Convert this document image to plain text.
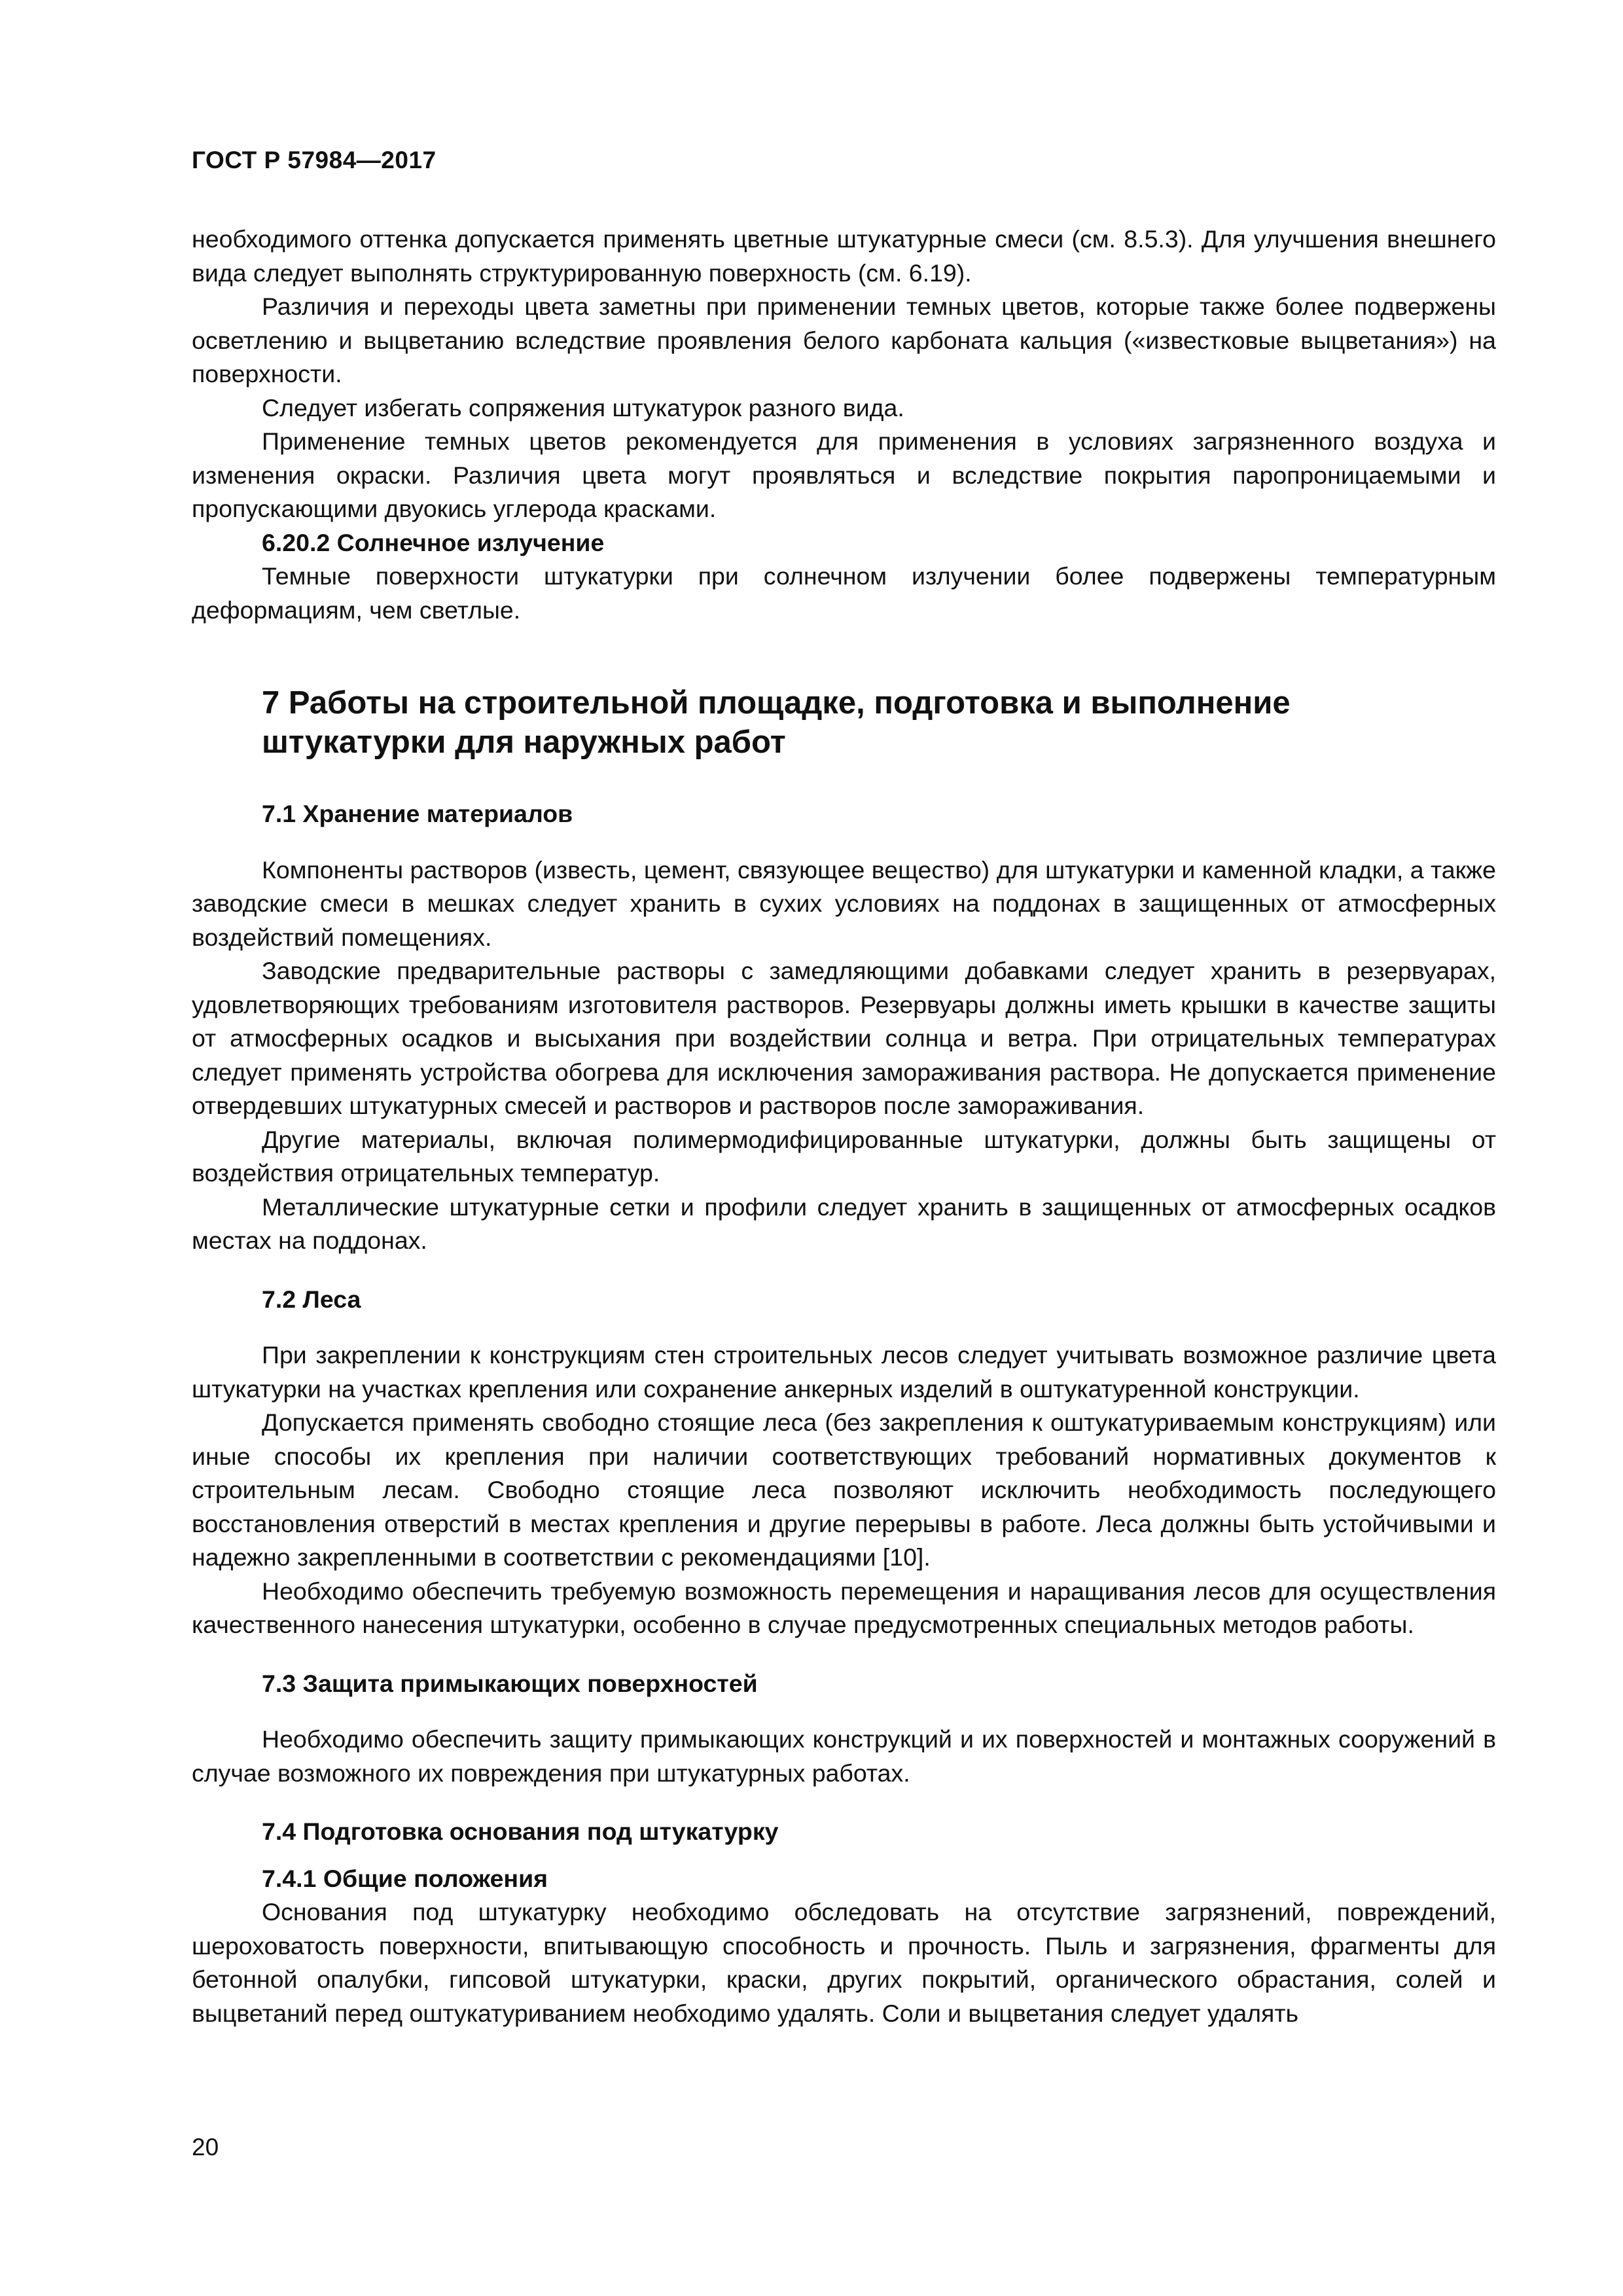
ГОСТ Р 57984—2017

необходимого оттенка допускается применять цветные штукатурные смеси (см. 8.5.3). Для улучшения внешнего вида следует выполнять структурированную поверхность (см. 6.19).

Различия и переходы цвета заметны при применении темных цветов, которые также более подвержены осветлению и выцветанию вследствие проявления белого карбоната кальция («известковые выцветания») на поверхности.

Следует избегать сопряжения штукатурок разного вида.

Применение темных цветов рекомендуется для применения в условиях загрязненного воздуха и изменения окраски. Различия цвета могут проявляться и вследствие покрытия паропроницаемыми и пропускающими двуокись углерода красками.

6.20.2 Солнечное излучение

Темные поверхности штукатурки при солнечном излучении более подвержены температурным деформациям, чем светлые.

7 Работы на строительной площадке, подготовка и выполнение
штукатурки для наружных работ
7.1 Хранение материалов

Компоненты растворов (известь, цемент, связующее вещество) для штукатурки и каменной кладки, а также заводские смеси в мешках следует хранить в сухих условиях на поддонах в защищенных от атмосферных воздействий помещениях.

Заводские предварительные растворы с замедляющими добавками следует хранить в резервуарах, удовлетворяющих требованиям изготовителя растворов. Резервуары должны иметь крышки в качестве защиты от атмосферных осадков и высыхания при воздействии солнца и ветра. При отрицательных температурах следует применять устройства обогрева для исключения замораживания раствора. Не допускается применение отвердевших штукатурных смесей и растворов и растворов после замораживания.

Другие материалы, включая полимермодифицированные штукатурки, должны быть защищены от воздействия отрицательных температур.

Металлические штукатурные сетки и профили следует хранить в защищенных от атмосферных осадков местах на поддонах.

7.2 Леса

При закреплении к конструкциям стен строительных лесов следует учитывать возможное различие цвета штукатурки на участках крепления или сохранение анкерных изделий в оштукатуренной конструкции.

Допускается применять свободно стоящие леса (без закрепления к оштукатуриваемым конструкциям) или иные способы их крепления при наличии соответствующих требований нормативных документов к строительным лесам. Свободно стоящие леса позволяют исключить необходимость последующего восстановления отверстий в местах крепления и другие перерывы в работе. Леса должны быть устойчивыми и надежно закрепленными в соответствии с рекомендациями [10].

Необходимо обеспечить требуемую возможность перемещения и наращивания лесов для осуществления качественного нанесения штукатурки, особенно в случае предусмотренных специальных методов работы.

7.3 Защита примыкающих поверхностей

Необходимо обеспечить защиту примыкающих конструкций и их поверхностей и монтажных сооружений в случае возможного их повреждения при штукатурных работах.

7.4 Подготовка основания под штукатурку
7.4.1 Общие положения

Основания под штукатурку необходимо обследовать на отсутствие загрязнений, повреждений, шероховатость поверхности, впитывающую способность и прочность. Пыль и загрязнения, фрагменты для бетонной опалубки, гипсовой штукатурки, краски, других покрытий, органического обрастания, солей и выцветаний перед оштукатуриванием необходимо удалять. Соли и выцветания следует удалять

20
